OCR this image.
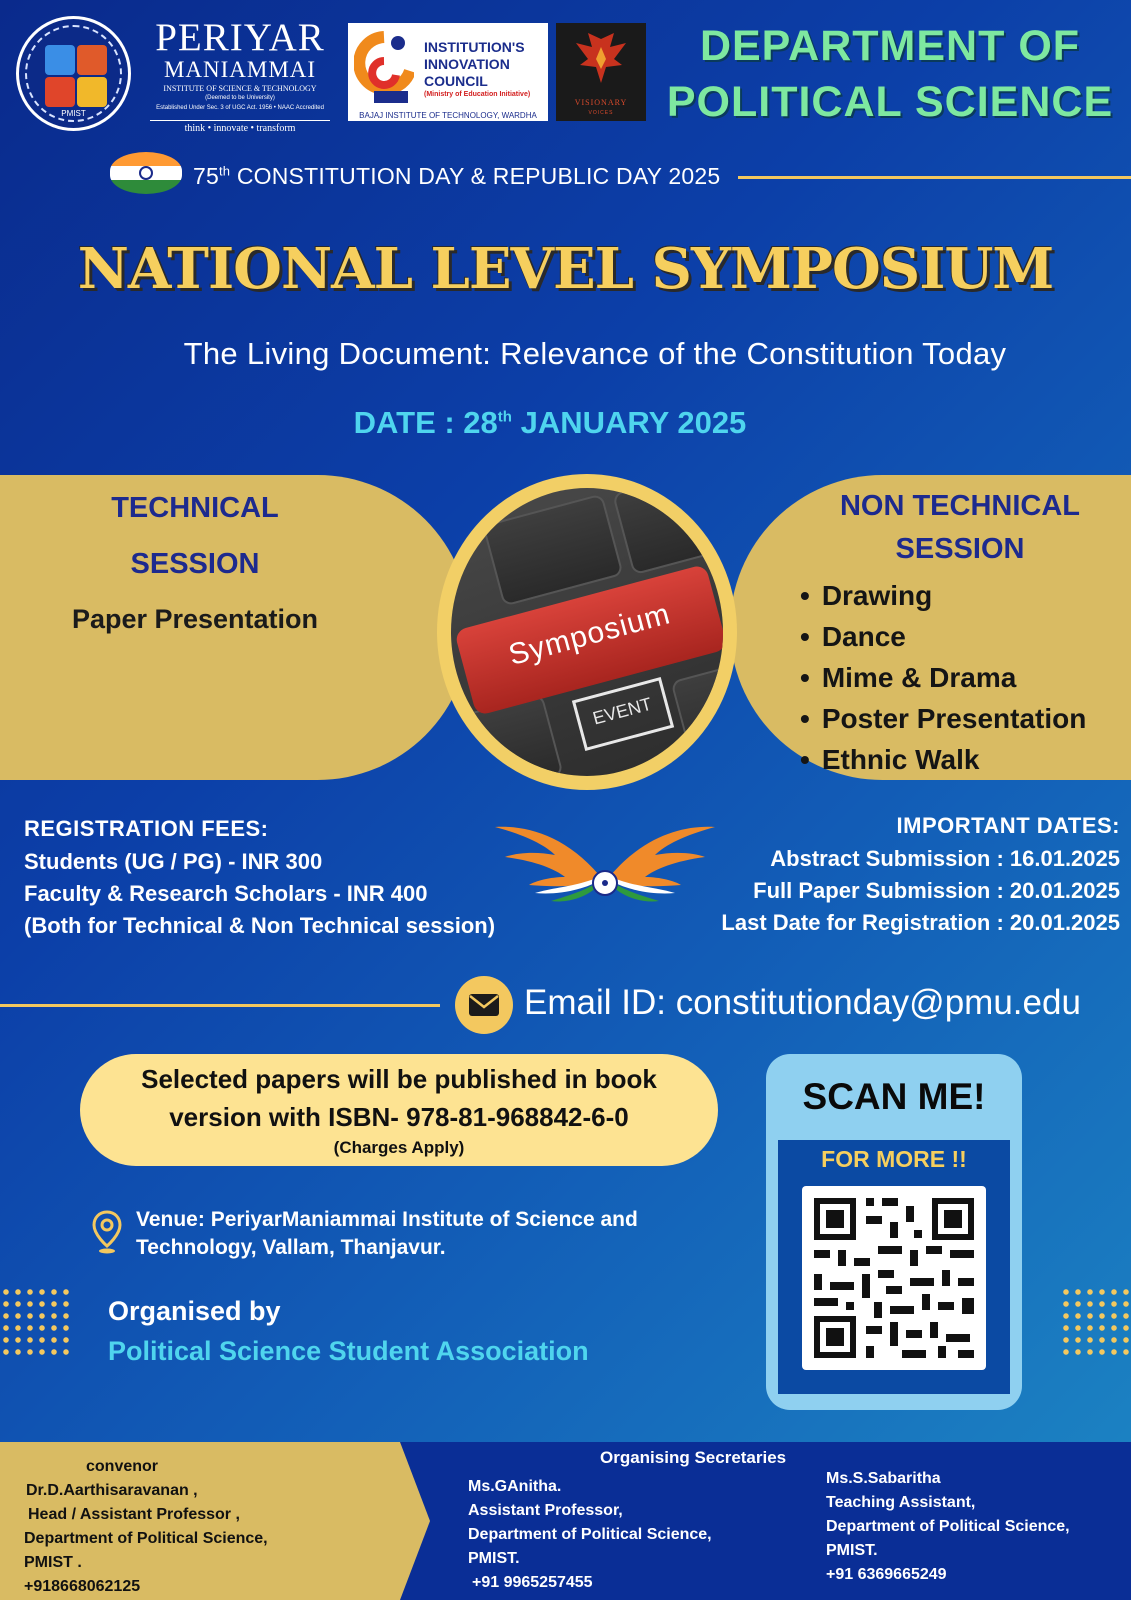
PMIST
PERIYAR
MANIAMMAI
INSTITUTE OF SCIENCE & TECHNOLOGY
(Deemed to be University)
Established Under Sec. 3 of UGC Act. 1956 • NAAC Accredited
think • innovate • transform
INSTITUTION'S
INNOVATION
COUNCIL
(Ministry of Education Initiative)
BAJAJ INSTITUTE OF TECHNOLOGY, WARDHA
VISIONARY
VOICES
DEPARTMENT OF
POLITICAL SCIENCE
75th CONSTITUTION DAY & REPUBLIC DAY 2025
NATIONAL LEVEL SYMPOSIUM
The Living Document: Relevance of the Constitution Today
DATE : 28th JANUARY 2025
TECHNICAL
SESSION
Paper Presentation
NON TECHNICAL
SESSION
• Drawing
• Dance
• Mime & Drama
• Poster Presentation
• Ethnic Walk
Symposium
EVENT
REGISTRATION FEES:
Students (UG / PG) - INR 300
Faculty & Research Scholars - INR 400
(Both for Technical & Non Technical session)
IMPORTANT DATES:
Abstract Submission : 16.01.2025
Full Paper Submission : 20.01.2025
Last Date for Registration : 20.01.2025
Email ID: constitutionday@pmu.edu
Selected papers will be published in book
version with ISBN- 978-81-968842-6-0
(Charges Apply)
Venue: PeriyarManiammai Institute of Science and
Technology, Vallam, Thanjavur.
Organised by
Political Science Student Association
SCAN ME!
FOR MORE !!
convenor
Dr.D.Aarthisaravanan ,
Head / Assistant Professor ,
Department of Political Science,
PMIST .
+918668062125
Organising Secretaries
Ms.GAnitha.
Assistant Professor,
Department of Political Science,
PMIST.
+91 9965257455
Ms.S.Sabaritha
Teaching Assistant,
Department of Political Science,
PMIST.
+91 6369665249
